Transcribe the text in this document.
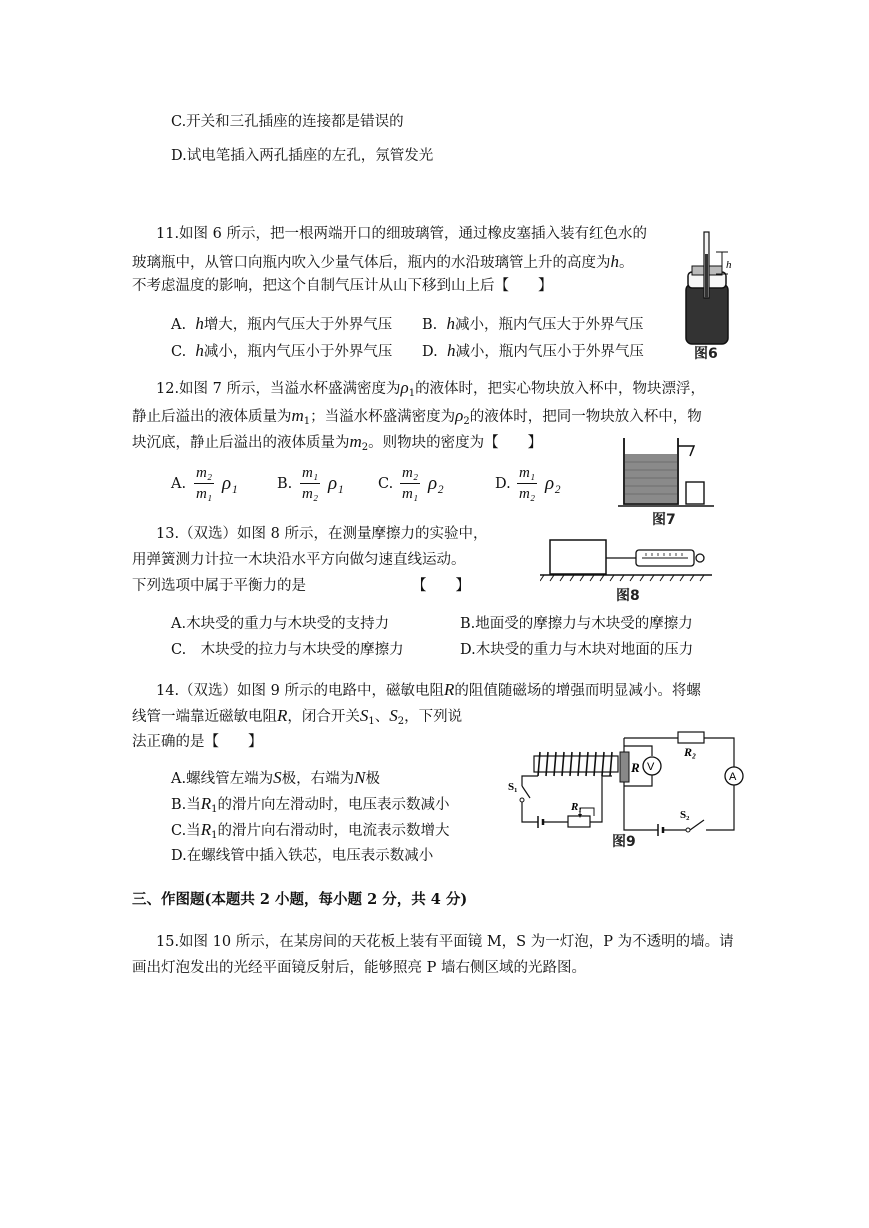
C.开关和三孔插座的连接都是错误的
D.试电笔插入两孔插座的左孔，氖管发光
11.如图 6 所示，把一根两端开口的细玻璃管，通过橡皮塞插入装有红色水的
玻璃瓶中，从管口向瓶内吹入少量气体后，瓶内的水沿玻璃管上升的高度为h。
不考虑温度的影响，把这个自制气压计从山下移到山上后【　　】
A. h增大，瓶内气压大于外界气压 B. h减小，瓶内气压大于外界气压
C. h减小，瓶内气压小于外界气压 D. h减小，瓶内气压小于外界气压
h
图6
12.如图 7 所示，当溢水杯盛满密度为$\rho_1$的液体时，把实心物块放入杯中，物块漂浮，
静止后溢出的液体质量为$m_1$；当溢水杯盛满密度为$\rho_2$的液体时，把同一物块放入杯中，物
块沉底，静止后溢出的液体质量为$m_2$。则物块的密度为【　　】
A. $\frac{\text{m₂}}{\text{m₁}} \rho_1$	B. $\frac{\text{m₁}}{\text{m₂}} \rho_1$ C. $\frac{\text{m₂}}{\text{m₁}} \rho_2$	D. $\frac{\text{m₁}}{\text{m₂}} \rho_2$
图7
13.（双选）如图 8 所示，在测量摩擦力的实验中，
用弹簧测力计拉一木块沿水平方向做匀速直线运动。
下列选项中属于平衡力的是	【　　】
A.木块受的重力与木块受的支持力	B.地面受的摩擦力与木块受的摩擦力
C.　木块受的拉力与木块受的摩擦力	D.木块受的重力与木块对地面的压力
图8
14.（双选）如图 9 所示的电路中，磁敏电阻R的阻值随磁场的增强而明显减小。将螺
线管一端靠近磁敏电阻R，闭合开关$S_1$、$S_2$，下列说
法正确的是【　　】
A.螺线管左端为S极，右端为N极
B.当$R_1$的滑片向左滑动时，电压表示数减小
C.当$R_1$的滑片向右滑动时，电流表示数增大
D.在螺线管中插入铁芯，电压表示数减小
R₁
S₁
S₂
R₂
R V
A
图9
三、作图题(本题共 2 小题，每小题 2 分，共 4 分)
15.如图 10 所示，在某房间的天花板上装有平面镜 M，S 为一灯泡，P 为不透明的墙。请
画出灯泡发出的光经平面镜反射后，能够照亮 P 墙右侧区域的光路图。
